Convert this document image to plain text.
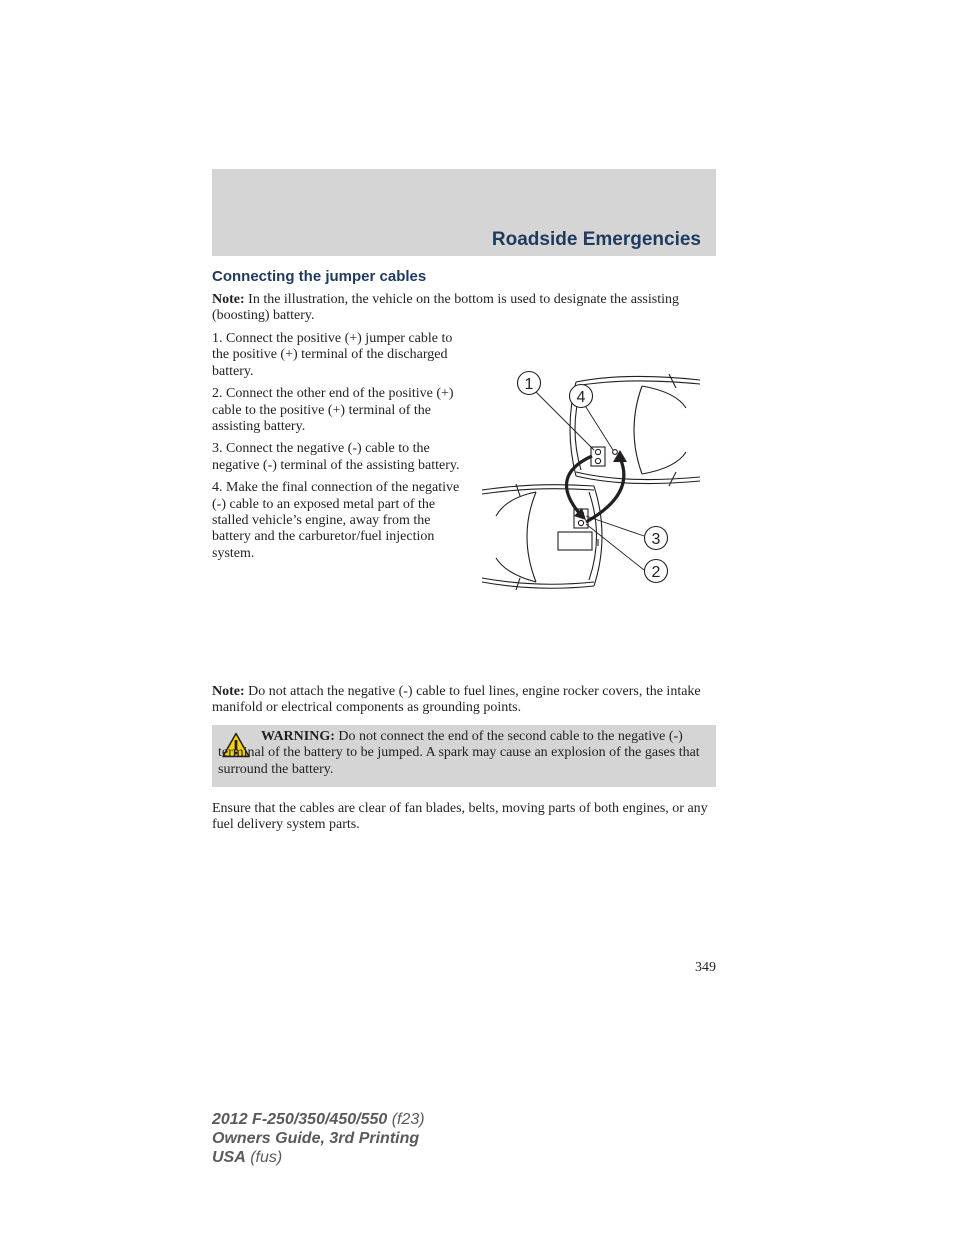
Roadside Emergencies
Connecting the jumper cables
Note: In the illustration, the vehicle on the bottom is used to designate the assisting (boosting) battery.

1. Connect the positive (+) jumper cable to the positive (+) terminal of the discharged battery.

2. Connect the other end of the positive (+) cable to the positive (+) terminal of the assisting battery.

3. Connect the negative (-) cable to the negative (-) terminal of the assisting battery.

4. Make the final connection of the negative (-) cable to an exposed metal part of the stalled vehicle’s engine, away from the battery and the carburetor/fuel injection system.

1
4
3
2
Note: Do not attach the negative (-) cable to fuel lines, engine rocker covers, the intake manifold or electrical components as grounding points.
WARNING: Do not connect the end of the second cable to the negative (-) terminal of the battery to be jumped. A spark may cause an explosion of the gases that surround the battery.
Ensure that the cables are clear of fan blades, belts, moving parts of both engines, or any fuel delivery system parts.
349
2012 F-250/350/450/550 (f23)
Owners Guide, 3rd Printing
USA (fus)
